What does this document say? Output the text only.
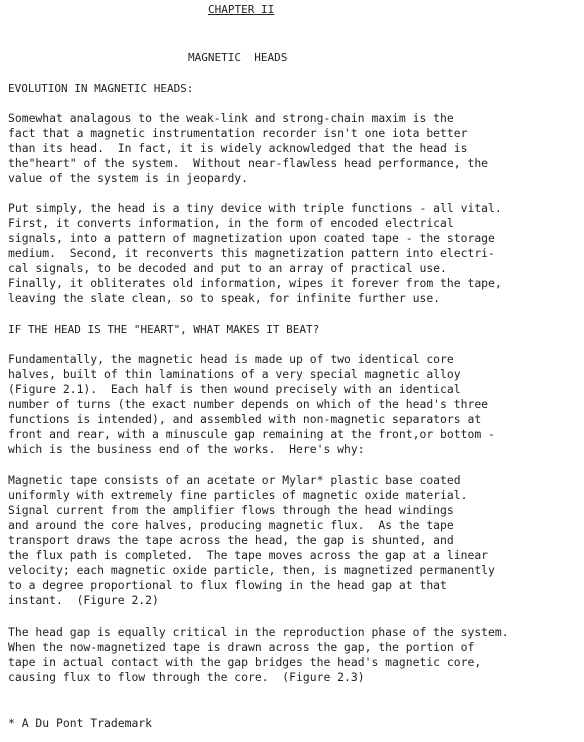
CHAPTER II

MAGNETIC  HEADS

EVOLUTION IN MAGNETIC HEADS:

Somewhat analagous to the weak-link and strong-chain maxim is the

fact that a magnetic instrumentation recorder isn't one iota better

than its head.  In fact, it is widely acknowledged that the head is

the"heart" of the system.  Without near-flawless head performance, the

value of the system is in jeopardy.

Put simply, the head is a tiny device with triple functions - all vital.

First, it converts information, in the form of encoded electrical

signals, into a pattern of magnetization upon coated tape - the storage

medium.  Second, it reconverts this magnetization pattern into electri-

cal signals, to be decoded and put to an array of practical use.

Finally, it obliterates old information, wipes it forever from the tape,

leaving the slate clean, so to speak, for infinite further use.

IF THE HEAD IS THE "HEART", WHAT MAKES IT BEAT?

Fundamentally, the magnetic head is made up of two identical core

halves, built of thin laminations of a very special magnetic alloy

(Figure 2.1).  Each half is then wound precisely with an identical

number of turns (the exact number depends on which of the head's three

functions is intended), and assembled with non-magnetic separators at

front and rear, with a minuscule gap remaining at the front,or bottom -

which is the business end of the works.  Here's why:

Magnetic tape consists of an acetate or Mylar* plastic base coated

uniformly with extremely fine particles of magnetic oxide material.

Signal current from the amplifier flows through the head windings

and around the core halves, producing magnetic flux.  As the tape

transport draws the tape across the head, the gap is shunted, and

the flux path is completed.  The tape moves across the gap at a linear

velocity; each magnetic oxide particle, then, is magnetized permanently

to a degree proportional to flux flowing in the head gap at that

instant.  (Figure 2.2)

The head gap is equally critical in the reproduction phase of the system.

When the now-magnetized tape is drawn across the gap, the portion of

tape in actual contact with the gap bridges the head's magnetic core,

causing flux to flow through the core.  (Figure 2.3)

* A Du Pont Trademark
